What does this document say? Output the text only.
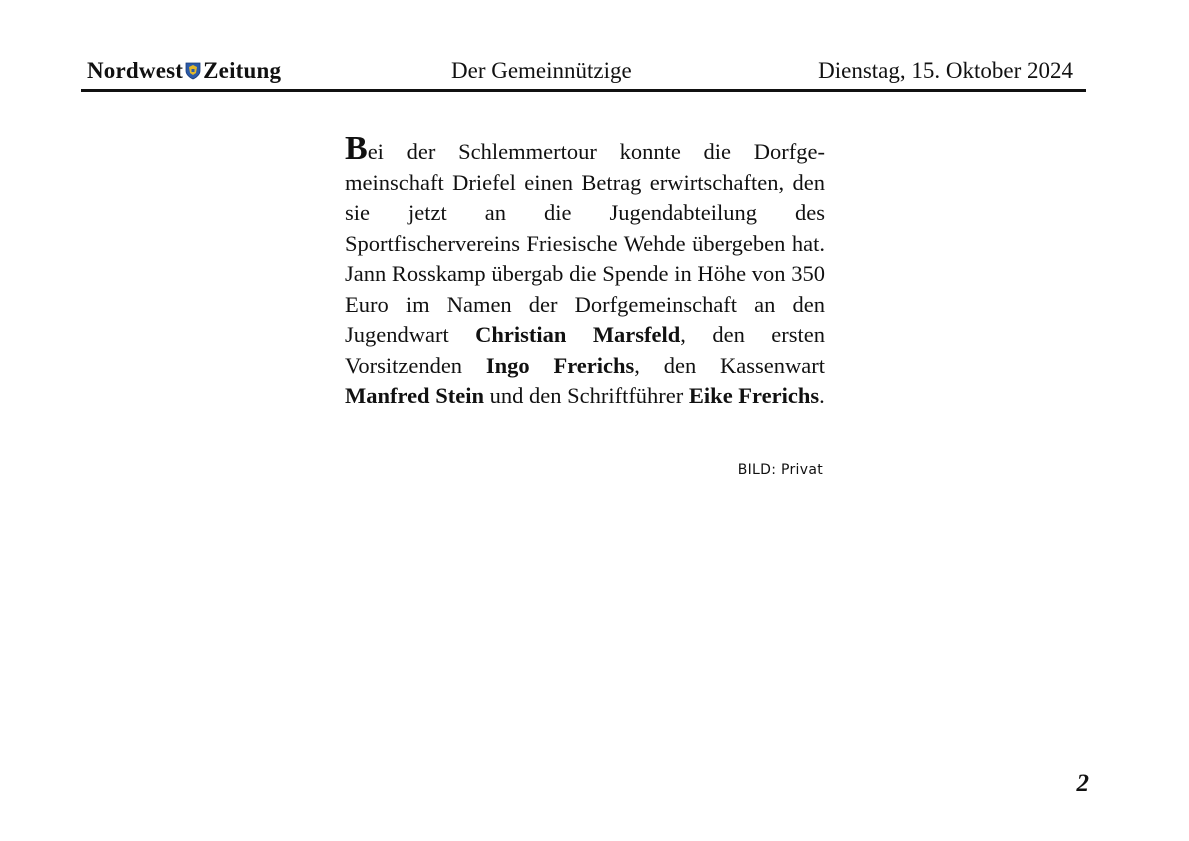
Nordwest Zeitung	Der Gemeinnützige	Dienstag, 15. Oktober 2024
Bei der Schlemmertour konnte die Dorfgemeinschaft Driefel einen Betrag erwirtschaften, den sie jetzt an die Jugendabteilung des Sportfischervereins Friesische Wehde übergeben hat. Jann Rosskamp übergab die Spende in Höhe von 350 Euro im Namen der Dorfgemeinschaft an den Jugendwart Christian Marsfeld, den ersten Vorsitzenden Ingo Frerichs, den Kassenwart Manfred Stein und den Schriftführer Eike Frerichs.
BILD: Privat
2
